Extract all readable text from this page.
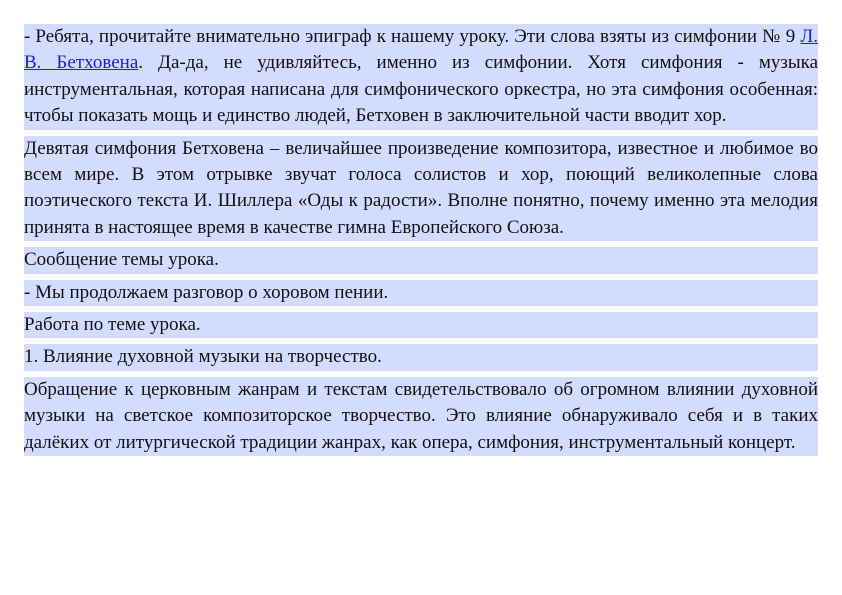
- Ребята, прочитайте внимательно эпиграф к нашему уроку. Эти слова взяты из симфонии № 9 Л. В. Бетховена. Да-да, не удивляйтесь, именно из симфонии. Хотя симфония - музыка инструментальная, которая написана для симфонического оркестра, но эта симфония особенная: чтобы показать мощь и единство людей, Бетховен в заключительной части вводит хор.

Девятая симфония Бетховена – величайшее произведение композитора, известное и любимое во всем мире. В этом отрывке звучат голоса солистов и хор, поющий великолепные слова поэтического текста И. Шиллера «Оды к радости». Вполне понятно, почему именно эта мелодия принята в настоящее время в качестве гимна Европейского Союза.

Сообщение темы урока.

- Мы продолжаем разговор о хоровом пении.

Работа по теме урока.

1. Влияние духовной музыки на творчество.

Обращение к церковным жанрам и текстам свидетельствовало об огромном влиянии духовной музыки на светское композиторское творчество. Это влияние обнаруживало себя и в таких далёких от литургической традиции жанрах, как опера, симфония, инструментальный концерт.
